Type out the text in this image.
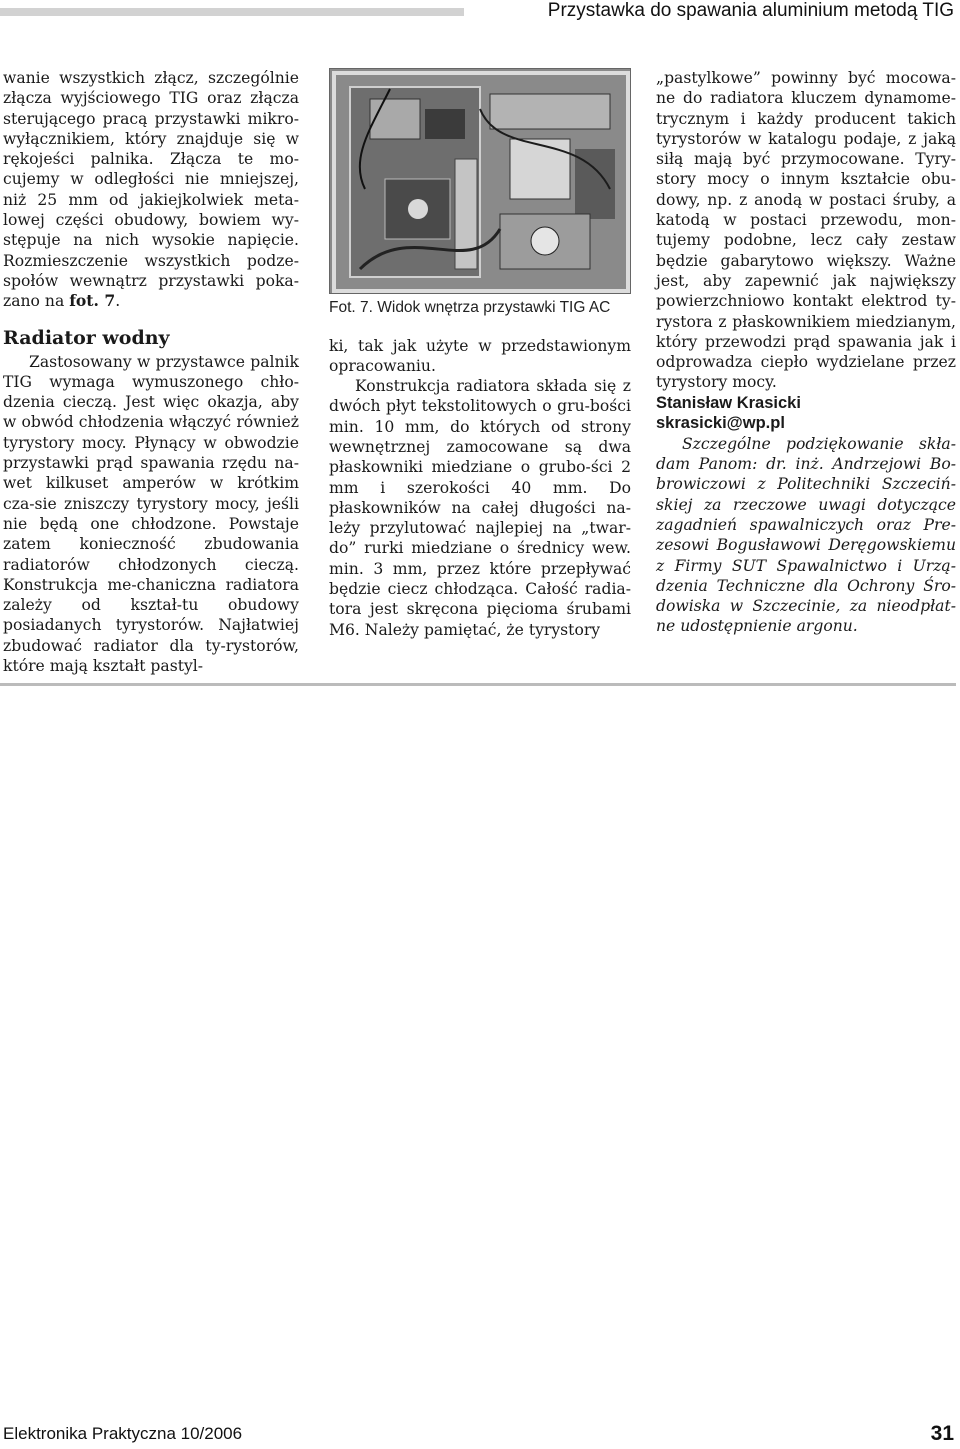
Przystawka do spawania aluminium metodą TIG

wanie wszystkich złącz, szczególnie złącza wyjściowego TIG oraz złącza sterującego pracą przystawki mikro-wyłącznikiem, który znajduje się w rękojeści palnika. Złącza te mo-cujemy w odległości nie mniejszej, niż 25 mm od jakiejkolwiek meta-lowej części obudowy, bowiem wy-stępuje na nich wysokie napięcie. Rozmieszczenie wszystkich podze-społów wewnątrz przystawki poka-zano na fot. 7.

Radiator wodny

Zastosowany w przystawce palnik TIG wymaga wymuszonego chło-dzenia cieczą. Jest więc okazja, aby w obwód chłodzenia włączyć również tyrystory mocy. Płynący w obwodzie przystawki prąd spawania rzędu na-wet kilkuset amperów w krótkim cza-sie zniszczy tyrystory mocy, jeśli nie będą one chłodzone. Powstaje zatem konieczność zbudowania radiatorów chłodzonych cieczą. Konstrukcja me-chaniczna radiatora zależy od kształ-tu obudowy posiadanych tyrystorów. Najłatwiej zbudować radiator dla ty-rystorów, które mają kształt pastyl-

Fot. 7. Widok wnętrza przystawki TIG AC

ki, tak jak użyte w przedstawionym opracowaniu.

Konstrukcja radiatora składa się z dwóch płyt tekstolitowych o gru-bości min. 10 mm, do których od strony wewnętrznej zamocowane są dwa płaskowniki miedziane o grubo-ści 2 mm i szerokości 40 mm. Do płaskowników na całej długości na-leży przylutować najlepiej na „twar-do” rurki miedziane o średnicy wew. min. 3 mm, przez które przepływać będzie ciecz chłodząca. Całość radia-tora jest skręcona pięcioma śrubami M6. Należy pamiętać, że tyrystory

„pastylkowe” powinny być mocowa-ne do radiatora kluczem dynamome-trycznym i każdy producent takich tyrystorów w katalogu podaje, z jaką siłą mają być przymocowane. Tyry-story mocy o innym kształcie obu-dowy, np. z anodą w postaci śruby, a katodą w postaci przewodu, mon-tujemy podobne, lecz cały zestaw będzie gabarytowo większy. Ważne jest, aby zapewnić jak największy powierzchniowo kontakt elektrod ty-rystora z płaskownikiem miedzianym, który przewodzi prąd spawania jak i odprowadza ciepło wydzielane przez tyrystory mocy.

Stanisław Krasicki
skrasicki@wp.pl

Szczególne podziękowanie skła-dam Panom: dr. inż. Andrzejowi Bo-browiczowi z Politechniki Szczeciń-skiej za rzeczowe uwagi dotyczące zagadnień spawalniczych oraz Pre-zesowi Bogusławowi Deręgowskiemu z Firmy SUT Spawalnictwo i Urzą-dzenia Techniczne dla Ochrony Śro-dowiska w Szczecinie, za nieodpłat-ne udostępnienie argonu.

Elektronika Praktyczna 10/2006	31
